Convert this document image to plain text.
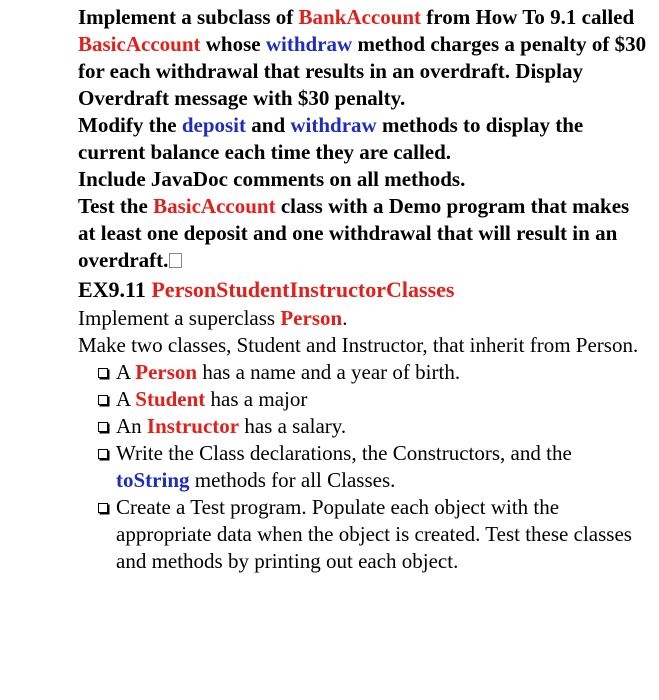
Implement a subclass of BankAccount from How To 9.1 called BasicAccount whose withdraw method charges a penalty of $30 for each withdrawal that results in an overdraft. Display Overdraft message with $30 penalty.
Modify the deposit and withdraw methods to display the current balance each time they are called.
Include JavaDoc comments on all methods.
Test the BasicAccount class with a Demo program that makes at least one deposit and one withdrawal that will result in an overdraft.
EX9.11 PersonStudentInstructorClasses
Implement a superclass Person.
Make two classes, Student and Instructor, that inherit from Person.
A Person has a name and a year of birth.
A Student has a major
An Instructor has a salary.
Write the Class declarations, the Constructors, and the toString methods for all Classes.
Create a Test program. Populate each object with the appropriate data when the object is created. Test these classes and methods by printing out each object.
